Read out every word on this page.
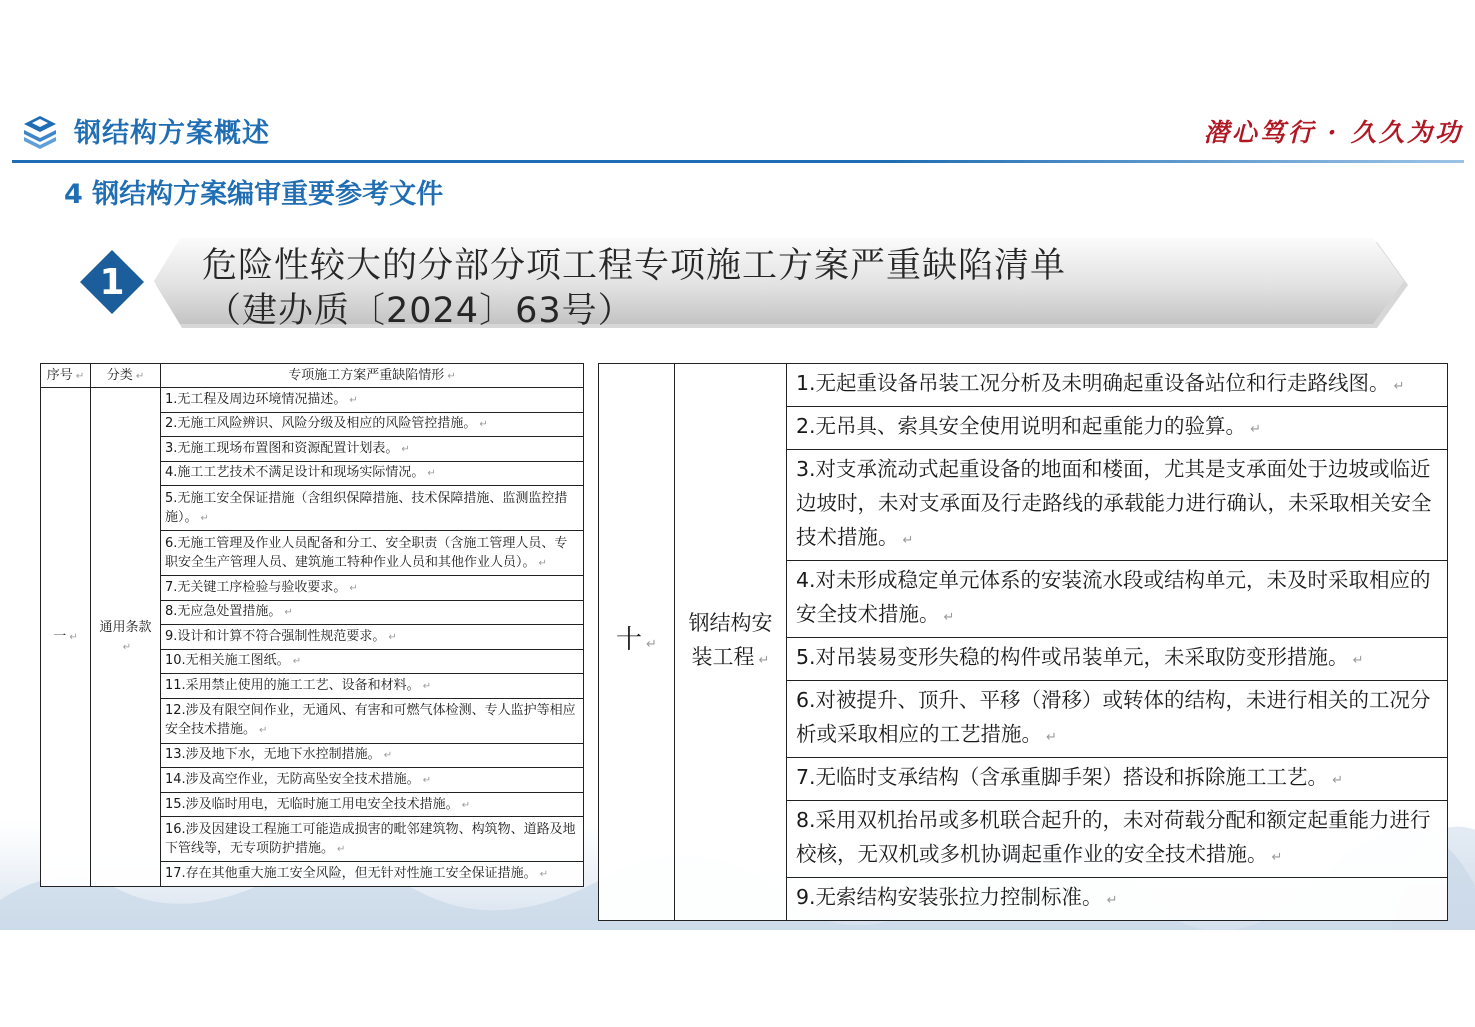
钢结构方案概述	潜心笃行 · 久久为功
4 钢结构方案编审重要参考文件
1	危险性较大的分部分项工程专项施工方案严重缺陷清单
（建办质〔2024〕63号）
序号 ↵	分类 ↵	专项施工方案严重缺陷情形 ↵
一 ↵	通用条款↵	1.无工程及周边环境情况描述。 ↵
		2.无施工风险辨识、风险分级及相应的风险管控措施。 ↵
		3.无施工现场布置图和资源配置计划表。 ↵
		4.施工工艺技术不满足设计和现场实际情况。 ↵
		5.无施工安全保证措施（含组织保障措施、技术保障措施、监测监控措施）。 ↵
		6.无施工管理及作业人员配备和分工、安全职责（含施工管理人员、专职安全生产管理人员、建筑施工特种作业人员和其他作业人员）。 ↵
		7.无关键工序检验与验收要求。 ↵
		8.无应急处置措施。 ↵
		9.设计和计算不符合强制性规范要求。 ↵
		10.无相关施工图纸。 ↵
		11.采用禁止使用的施工工艺、设备和材料。 ↵
		12.涉及有限空间作业，无通风、有害和可燃气体检测、专人监护等相应安全技术措施。 ↵
		13.涉及地下水，无地下水控制措施。 ↵
		14.涉及高空作业，无防高坠安全技术措施。 ↵
		15.涉及临时用电，无临时施工用电安全技术措施。 ↵
		16.涉及因建设工程施工可能造成损害的毗邻建筑物、构筑物、道路及地下管线等，无专项防护措施。 ↵
		17.存在其他重大施工安全风险，但无针对性施工安全保证措施。 ↵
十 ↵	钢结构安装工程 ↵	1.无起重设备吊装工况分析及未明确起重设备站位和行走路线图。 ↵
2.无吊具、索具安全使用说明和起重能力的验算。 ↵
3.对支承流动式起重设备的地面和楼面，尤其是支承面处于边坡或临近边坡时，未对支承面及行走路线的承载能力进行确认，未采取相关安全技术措施。 ↵
4.对未形成稳定单元体系的安装流水段或结构单元，未及时采取相应的安全技术措施。 ↵
5.对吊装易变形失稳的构件或吊装单元，未采取防变形措施。 ↵
6.对被提升、顶升、平移（滑移）或转体的结构，未进行相关的工况分析或采取相应的工艺措施。 ↵
7.无临时支承结构（含承重脚手架）搭设和拆除施工工艺。 ↵
8.采用双机抬吊或多机联合起升的，未对荷载分配和额定起重能力进行校核，无双机或多机协调起重作业的安全技术措施。 ↵
9.无索结构安装张拉力控制标准。 ↵
